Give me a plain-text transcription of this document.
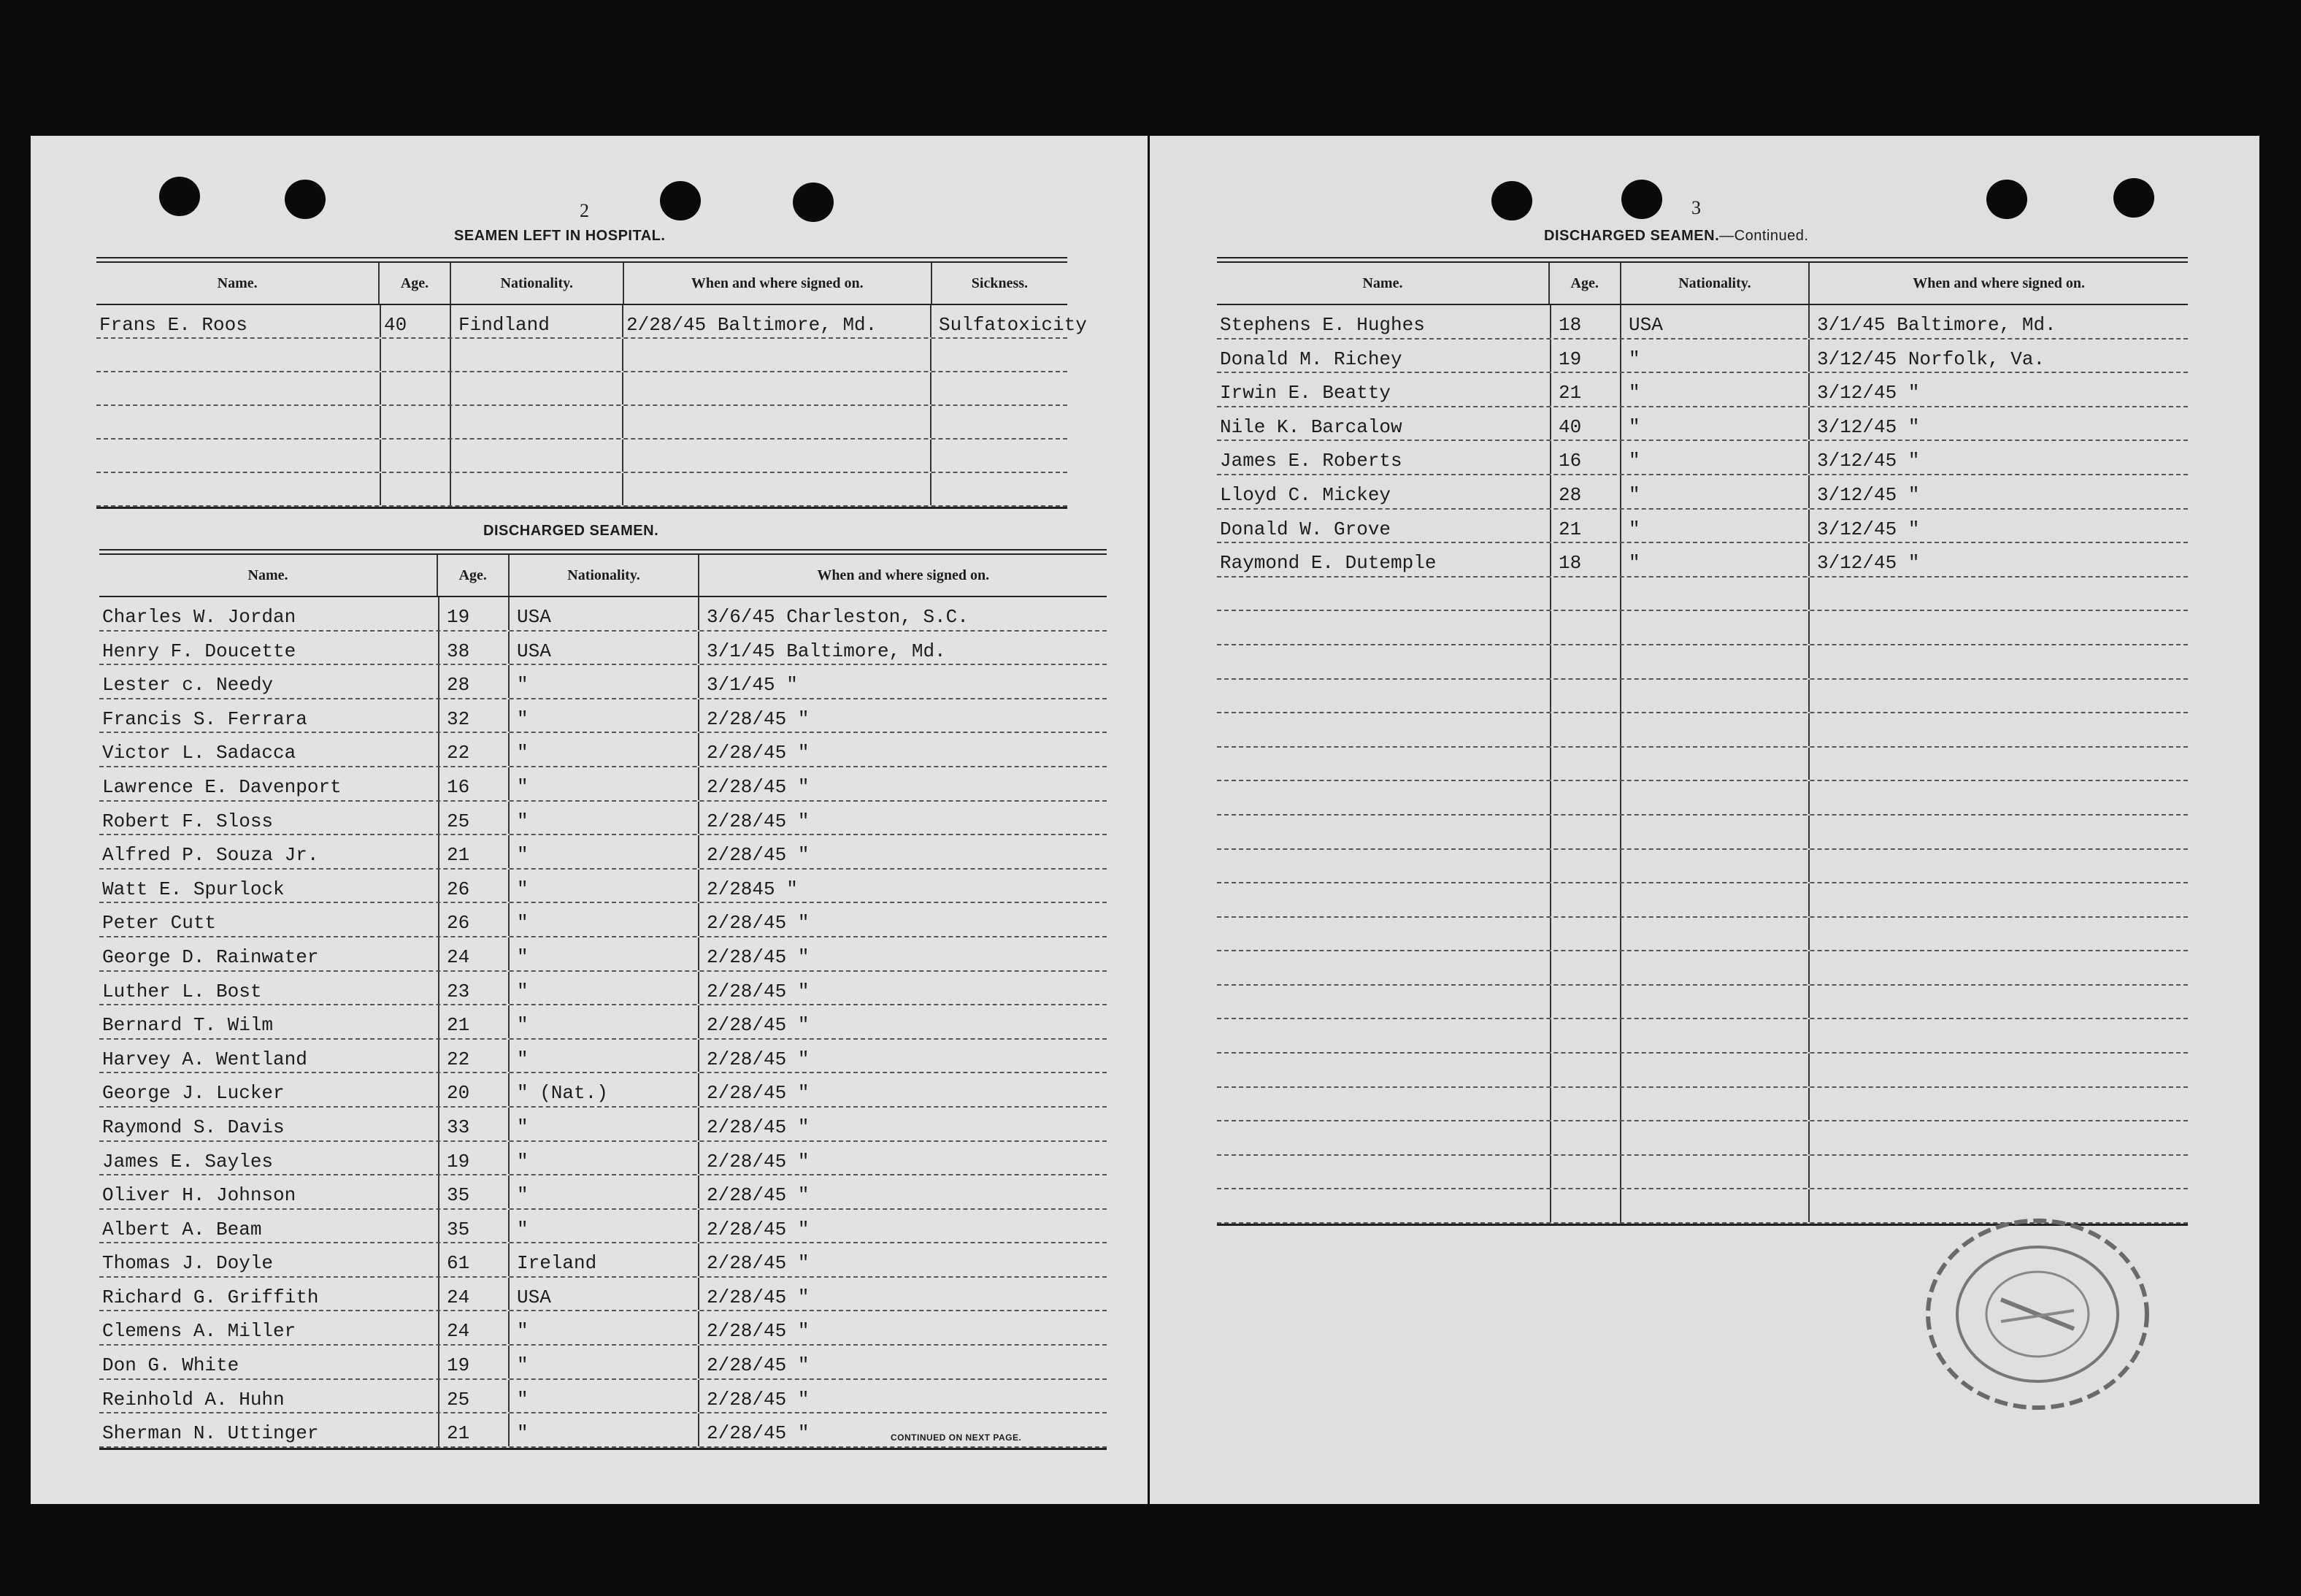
2
SEAMEN LEFT IN HOSPITAL.
Name.	Age.	Nationality.	When and where signed on.	Sickness.
Frans E. Roos	40	Findland	2/28/45 Baltimore, Md.	Sulfatoxicity
DISCHARGED SEAMEN.
Name.	Age.	Nationality.	When and where signed on.
Charles W. Jordan	19	USA	3/6/45 Charleston, S.C.
Henry F. Doucette	38	USA	3/1/45 Baltimore, Md.
Lester c. Needy	28	"	3/1/45 "
Francis S. Ferrara	32	"	2/28/45 "
Victor L. Sadacca	22	"	2/28/45 "
Lawrence E. Davenport	16	"	2/28/45 "
Robert F. Sloss	25	"	2/28/45 "
Alfred P. Souza Jr.	21	"	2/28/45 "
Watt E. Spurlock	26	"	2/2845 "
Peter Cutt	26	"	2/28/45 "
George D. Rainwater	24	"	2/28/45 "
Luther L. Bost	23	"	2/28/45 "
Bernard T. Wilm	21	"	2/28/45 "
Harvey A. Wentland	22	"	2/28/45 "
George J. Lucker	20	" (Nat.)	2/28/45 "
Raymond S. Davis	33	"	2/28/45 "
James E. Sayles	19	"	2/28/45 "
Oliver H. Johnson	35	"	2/28/45 "
Albert A. Beam	35	"	2/28/45 "
Thomas J. Doyle	61	Ireland	2/28/45 "
Richard G. Griffith	24	USA	2/28/45 "
Clemens A. Miller	24	"	2/28/45 "
Don G. White	19	"	2/28/45 "
Reinhold A. Huhn	25	"	2/28/45 "
Sherman N. Uttinger	21	"	2/28/45 "	CONTINUED ON NEXT PAGE.
3
DISCHARGED SEAMEN.—Continued.
Name.	Age.	Nationality.	When and where signed on.
Stephens E. Hughes	18	USA	3/1/45 Baltimore, Md.
Donald M. Richey	19	"	3/12/45 Norfolk, Va.
Irwin E. Beatty	21	"	3/12/45 "
Nile K. Barcalow	40	"	3/12/45 "
James E. Roberts	16	"	3/12/45 "
Lloyd C. Mickey	28	"	3/12/45 "
Donald W. Grove	21	"	3/12/45 "
Raymond E. Dutemple	18	"	3/12/45 "
